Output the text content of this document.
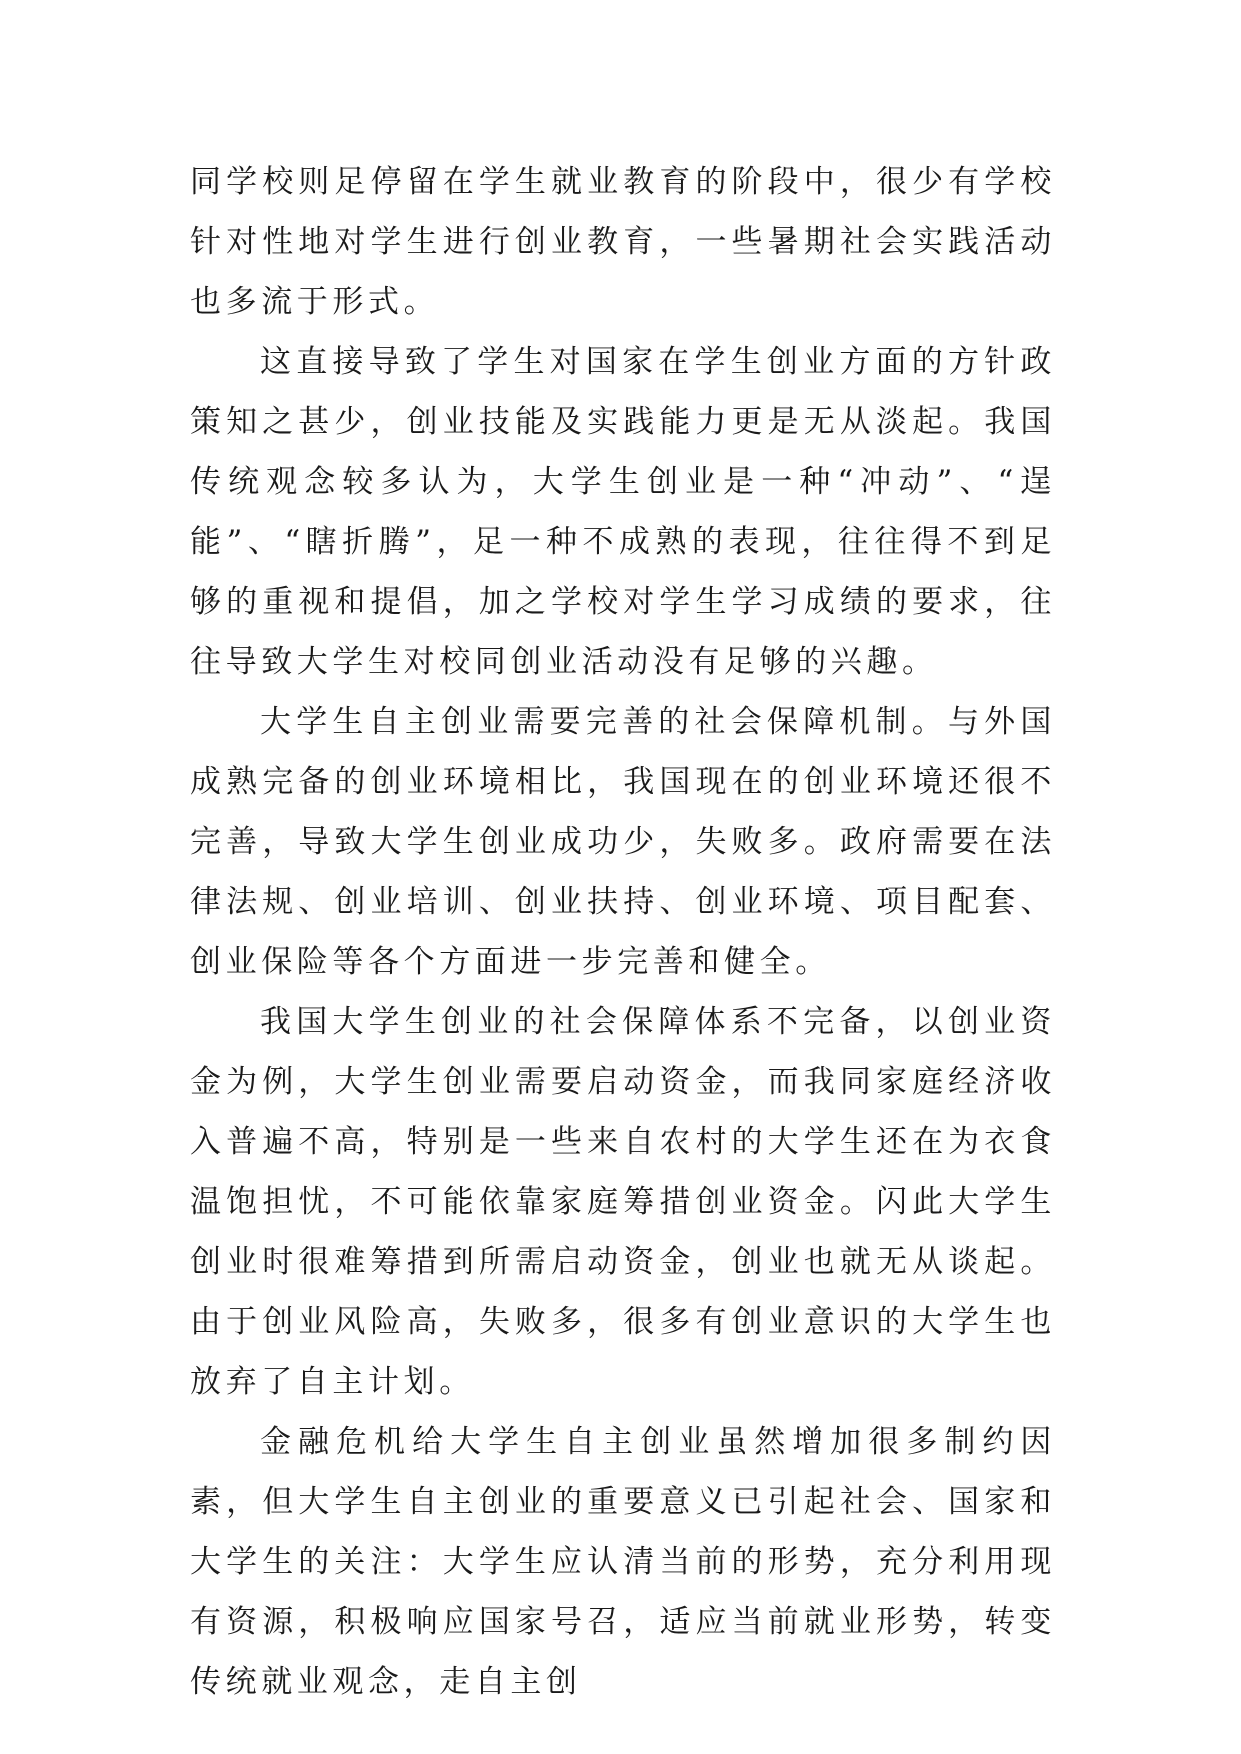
同学校则足停留在学生就业教育的阶段中，很少有学校针对性地对学生进行创业教育，一些暑期社会实践活动也多流于形式。

这直接导致了学生对国家在学生创业方面的方针政策知之甚少，创业技能及实践能力更是无从淡起。我国传统观念较多认为，大学生创业是一种“冲动”、“逞能”、“瞎折腾”，足一种不成熟的表现，往往得不到足够的重视和提倡，加之学校对学生学习成绩的要求，往往导致大学生对校同创业活动没有足够的兴趣。

大学生自主创业需要完善的社会保障机制。与外国成熟完备的创业环境相比，我国现在的创业环境还很不完善，导致大学生创业成功少，失败多。政府需要在法律法规、创业培训、创业扶持、创业环境、项目配套、创业保险等各个方面进一步完善和健全。

我国大学生创业的社会保障体系不完备，以创业资金为例，大学生创业需要启动资金，而我同家庭经济收入普遍不高，特别是一些来自农村的大学生还在为衣食温饱担忧，不可能依靠家庭筹措创业资金。闪此大学生创业时很难筹措到所需启动资金，创业也就无从谈起。由于创业风险高，失败多，很多有创业意识的大学生也放弃了自主计划。

金融危机给大学生自主创业虽然增加很多制约因素，但大学生自主创业的重要意义已引起社会、国家和大学生的关注：大学生应认清当前的形势，充分利用现有资源，积极响应国家号召，适应当前就业形势，转变传统就业观念，走自主创
